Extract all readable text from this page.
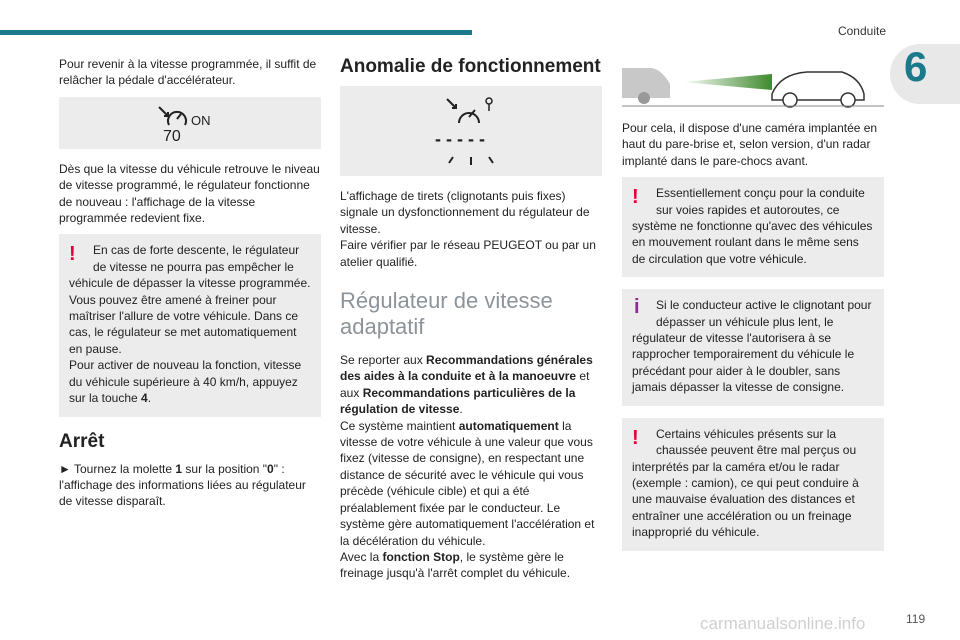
Conduite
6

Pour revenir à la vitesse programmée, il suffit de relâcher la pédale d'accélérateur.

70
ON

Dès que la vitesse du véhicule retrouve le niveau de vitesse programmé, le régulateur fonctionne de nouveau : l'affichage de la vitesse programmée redevient fixe.

!	En cas de forte descente, le régulateur
de vitesse ne pourra pas empêcher le
véhicule de dépasser la vitesse programmée. Vous pouvez être amené à freiner pour maîtriser l'allure de votre véhicule. Dans ce cas, le régulateur se met automatiquement en pause.
Pour activer de nouveau la fonction, vitesse du véhicule supérieure à 40 km/h, appuyez sur la touche 4.
Arrêt

► Tournez la molette 1 sur la position "0" : l'affichage des informations liées au régulateur de vitesse disparaît.

Anomalie de fonctionnement
- - - - -

L'affichage de tirets (clignotants puis fixes) signale un dysfonctionnement du régulateur de vitesse.

Faire vérifier par le réseau PEUGEOT ou par un atelier qualifié.

Régulateur de vitesse adaptatif

Se reporter aux Recommandations générales des aides à la conduite et à la manoeuvre et aux Recommandations particulières de la régulation de vitesse.

Ce système maintient automatiquement la vitesse de votre véhicule à une valeur que vous fixez (vitesse de consigne), en respectant une distance de sécurité avec le véhicule qui vous précède (véhicule cible) et qui a été préalablement fixée par le conducteur. Le système gère automatiquement l'accélération et la décélération du véhicule.

Avec la fonction Stop, le système gère le freinage jusqu'à l'arrêt complet du véhicule.

Pour cela, il dispose d'une caméra implantée en haut du pare-brise et, selon version, d'un radar implanté dans le pare-chocs avant.

!	Essentiellement conçu pour la conduite
sur voies rapides et autoroutes, ce
système ne fonctionne qu'avec des véhicules en mouvement roulant dans le même sens de circulation que votre véhicule.
i	Si le conducteur active le clignotant pour
dépasser un véhicule plus lent, le
régulateur de vitesse l'autorisera à se rapprocher temporairement du véhicule le précédant pour aider à le doubler, sans jamais dépasser la vitesse de consigne.
!	Certains véhicules présents sur la
chaussée peuvent être mal perçus ou
interprétés par la caméra et/ou le radar (exemple : camion), ce qui peut conduire à une mauvaise évaluation des distances et entraîner une accélération ou un freinage inapproprié du véhicule.
carmanualsonline.info	119
